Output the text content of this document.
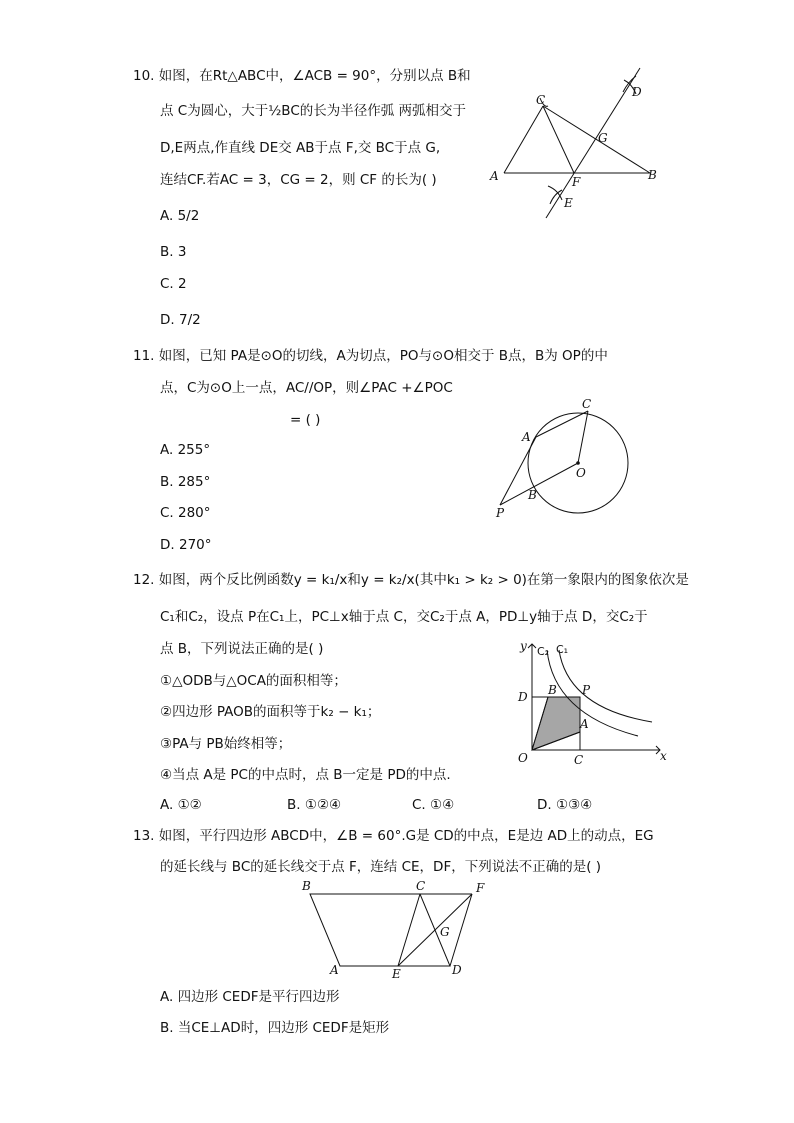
10. 如图，在Rt△ABC中，∠ACB = 90°，分别以点 B和
点 C为圆心，大于½BC的长为半径作弧 两弧相交于
D,E两点,作直线 DE交 AB于点 F,交 BC于点 G,
连结CF.若AC = 3，CG = 2，则 CF 的长为( )
A. 5/2
B. 3
C. 2
D. 7/2
C
D
G
A	F	B
E
11. 如图，已知 PA是⊙O的切线，A为切点，PO与⊙O相交于 B点，B为 OP的中
点，C为⊙O上一点，AC//OP，则∠PAC +∠POC
= ( )
A. 255°
B. 285°
C. 280°
D. 270°
C
A
O
B
P
12. 如图，两个反比例函数y = k₁/x和y = k₂/x(其中k₁ > k₂ > 0)在第一象限内的图象依次是
C₁和C₂，设点 P在C₁上，PC⊥x轴于点 C，交C₂于点 A，PD⊥y轴于点 D，交C₂于
点 B，下列说法正确的是( )
①△ODB与△OCA的面积相等；
②四边形 PAOB的面积等于k₂ − k₁；
③PA与 PB始终相等；
④当点 A是 PC的中点时，点 B一定是 PD的中点.
A. ①②	B. ①②④	C. ①④	D. ①③④
y C₂ C₁
D B P
A
O	C	x
13. 如图，平行四边形 ABCD中，∠B = 60°.G是 CD的中点，E是边 AD上的动点，EG
的延长线与 BC的延长线交于点 F，连结 CE，DF，下列说法不正确的是( )
B	C	F
G
A	E	D
A. 四边形 CEDF是平行四边形
B. 当CE⊥AD时，四边形 CEDF是矩形
